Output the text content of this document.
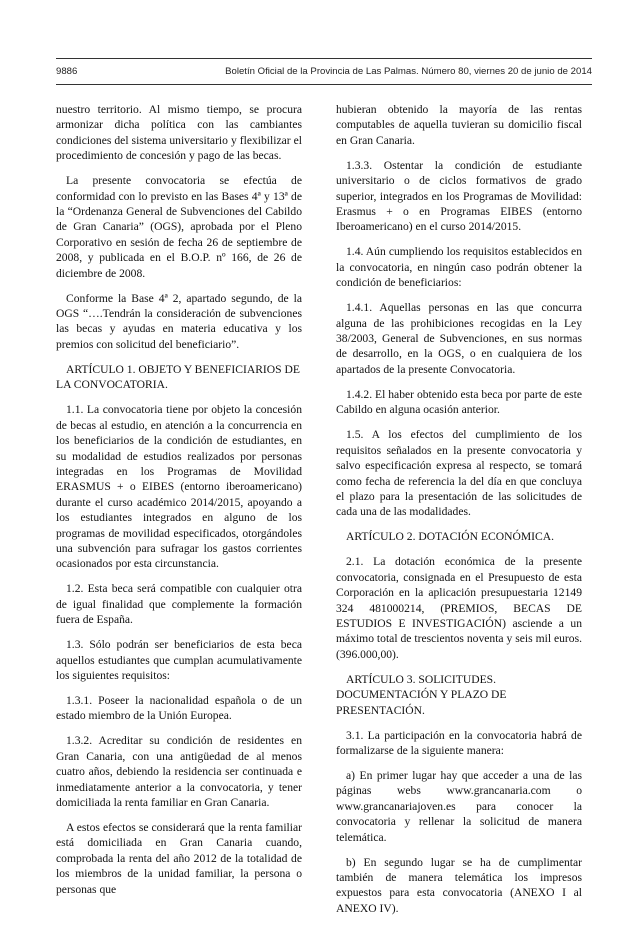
9886	Boletín Oficial de la Provincia de Las Palmas. Número 80, viernes 20 de junio de 2014

nuestro territorio. Al mismo tiempo, se procura armonizar dicha política con las cambiantes condiciones del sistema universitario y flexibilizar el procedimiento de concesión y pago de las becas.

La presente convocatoria se efectúa de conformidad con lo previsto en las Bases 4ª y 13ª de la “Ordenanza General de Subvenciones del Cabildo de Gran Canaria” (OGS), aprobada por el Pleno Corporativo en sesión de fecha 26 de septiembre de 2008, y publicada en el B.O.P. nº 166, de 26 de diciembre de 2008.

Conforme la Base 4ª 2, apartado segundo, de la OGS “….Tendrán la consideración de subvenciones las becas y ayudas en materia educativa y los premios con solicitud del beneficiario”.

ARTÍCULO 1. OBJETO Y BENEFICIARIOS DE LA CONVOCATORIA.

1.1. La convocatoria tiene por objeto la concesión de becas al estudio, en atención a la concurrencia en los beneficiarios de la condición de estudiantes, en su modalidad de estudios realizados por personas integradas en los Programas de Movilidad ERASMUS + o EIBES (entorno iberoamericano) durante el curso académico 2014/2015, apoyando a los estudiantes integrados en alguno de los programas de movilidad especificados, otorgándoles una subvención para sufragar los gastos corrientes ocasionados por esta circunstancia.

1.2. Esta beca será compatible con cualquier otra de igual finalidad que complemente la formación fuera de España.

1.3. Sólo podrán ser beneficiarios de esta beca aquellos estudiantes que cumplan acumulativamente los siguientes requisitos:

1.3.1. Poseer la nacionalidad española o de un estado miembro de la Unión Europea.

1.3.2. Acreditar su condición de residentes en Gran Canaria, con una antigüedad de al menos cuatro años, debiendo la residencia ser continuada e inmediatamente anterior a la convocatoria, y tener domiciliada la renta familiar en Gran Canaria.

A estos efectos se considerará que la renta familiar está domiciliada en Gran Canaria cuando, comprobada la renta del año 2012 de la totalidad de los miembros de la unidad familiar, la persona o personas que

hubieran obtenido la mayoría de las rentas computables de aquella tuvieran su domicilio fiscal en Gran Canaria.

1.3.3. Ostentar la condición de estudiante universitario o de ciclos formativos de grado superior, integrados en los Programas de Movilidad: Erasmus + o en Programas EIBES (entorno Iberoamericano) en el curso 2014/2015.

1.4. Aún cumpliendo los requisitos establecidos en la convocatoria, en ningún caso podrán obtener la condición de beneficiarios:

1.4.1. Aquellas personas en las que concurra alguna de las prohibiciones recogidas en la Ley 38/2003, General de Subvenciones, en sus normas de desarrollo, en la OGS, o en cualquiera de los apartados de la presente Convocatoria.

1.4.2. El haber obtenido esta beca por parte de este Cabildo en alguna ocasión anterior.

1.5. A los efectos del cumplimiento de los requisitos señalados en la presente convocatoria y salvo especificación expresa al respecto, se tomará como fecha de referencia la del día en que concluya el plazo para la presentación de las solicitudes de cada una de las modalidades.

ARTÍCULO 2. DOTACIÓN ECONÓMICA.

2.1. La dotación económica de la presente convocatoria, consignada en el Presupuesto de esta Corporación en la aplicación presupuestaria 12149 324 481000214, (PREMIOS, BECAS DE ESTUDIOS E INVESTIGACIÓN) asciende a un máximo total de trescientos noventa y seis mil euros. (396.000,00).

ARTÍCULO 3. SOLICITUDES. DOCUMENTACIÓN Y PLAZO DE PRESENTACIÓN.

3.1. La participación en la convocatoria habrá de formalizarse de la siguiente manera:

a) En primer lugar hay que acceder a una de las páginas webs www.grancanaria.com o www.grancanariajoven.es para conocer la convocatoria y rellenar la solicitud de manera telemática.

b) En segundo lugar se ha de cumplimentar también de manera telemática los impresos expuestos para esta convocatoria (ANEXO I al ANEXO IV).
